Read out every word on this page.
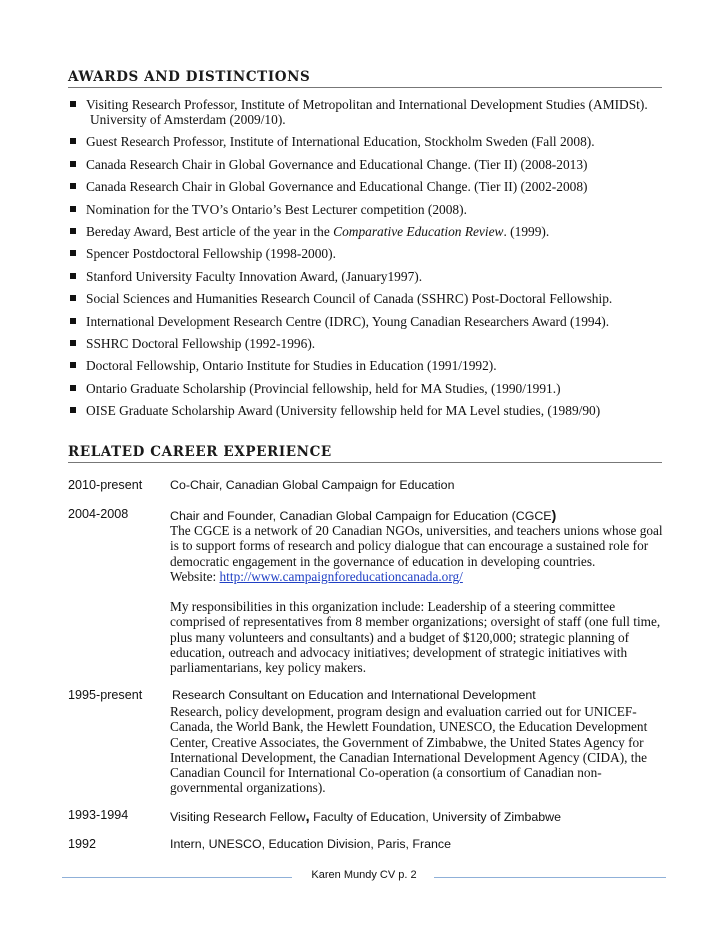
AWARDS AND DISTINCTIONS
Visiting Research Professor, Institute of Metropolitan and International Development Studies (AMIDSt).
University of Amsterdam (2009/10).
Guest Research Professor, Institute of International Education, Stockholm Sweden (Fall 2008).
Canada Research Chair in Global Governance and Educational Change. (Tier II) (2008-2013)
Canada Research Chair in Global Governance and Educational Change. (Tier II) (2002-2008)
Nomination for the TVO’s Ontario’s Best Lecturer competition (2008).
Bereday Award, Best article of the year in the Comparative Education Review. (1999).
Spencer Postdoctoral Fellowship (1998-2000).
Stanford University Faculty Innovation Award, (January1997).
Social Sciences and Humanities Research Council of Canada (SSHRC) Post-Doctoral Fellowship.
International Development Research Centre (IDRC), Young Canadian Researchers Award (1994).
SSHRC Doctoral Fellowship (1992-1996).
Doctoral Fellowship, Ontario Institute for Studies in Education (1991/1992).
Ontario Graduate Scholarship (Provincial fellowship, held for MA Studies, (1990/1991.)
OISE Graduate Scholarship Award (University fellowship held for MA Level studies, (1989/90)
RELATED CAREER EXPERIENCE
2010-present Co-Chair, Canadian Global Campaign for Education
2004-2008	Chair and Founder, Canadian Global Campaign for Education (CGCE)
The CGCE is a network of 20 Canadian NGOs, universities, and teachers unions whose goal
is to support forms of research and policy dialogue that can encourage a sustained role for
democratic engagement in the governance of education in developing countries.
Website: http://www.campaignforeducationcanada.org/
My responsibilities in this organization include: Leadership of a steering committee
comprised of representatives from 8 member organizations; oversight of staff (one full time,
plus many volunteers and consultants) and a budget of $120,000; strategic planning of
education, outreach and advocacy initiatives; development of strategic initiatives with
parliamentarians, key policy makers.
1995-present Research Consultant on Education and International Development
Research, policy development, program design and evaluation carried out for UNICEF-
Canada, the World Bank, the Hewlett Foundation, UNESCO, the Education Development
Center, Creative Associates, the Government of Zimbabwe, the United States Agency for
International Development, the Canadian International Development Agency (CIDA), the
Canadian Council for International Co-operation (a consortium of Canadian non-
governmental organizations).
1993-1994	Visiting Research Fellow, Faculty of Education, University of Zimbabwe
1992	Intern, UNESCO, Education Division, Paris, France
Karen Mundy CV p. 2
